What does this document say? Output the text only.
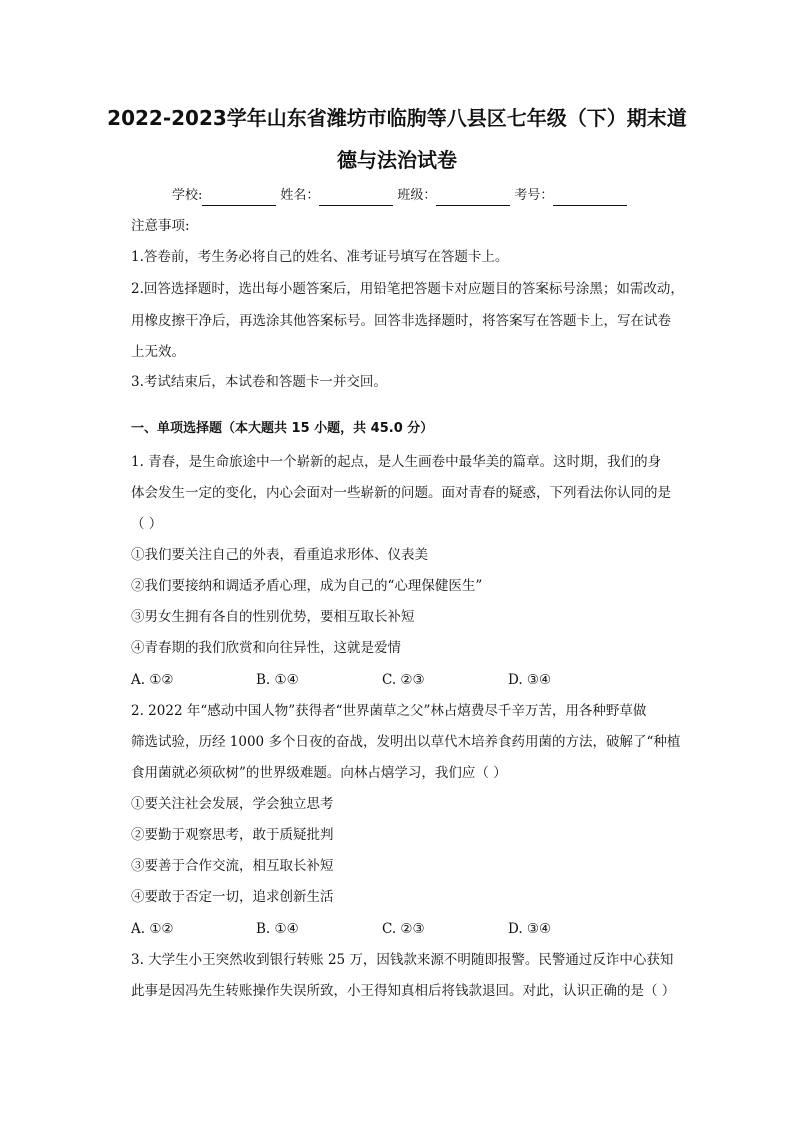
2022-2023学年山东省潍坊市临朐等八县区七年级（下）期末道
德与法治试卷
学校:	姓名：	班级：	考号：
注意事项:
1.答卷前，考生务必将自己的姓名、准考证号填写在答题卡上。
2.回答选择题时，选出每小题答案后，用铅笔把答题卡对应题目的答案标号涂黑；如需改动，
用橡皮擦干净后，再选涂其他答案标号。回答非选择题时，将答案写在答题卡上，写在试卷
上无效。
3.考试结束后，本试卷和答题卡一并交回。
一、单项选择题（本大题共 15 小题，共 45.0 分）
1. 青春，是生命旅途中一个崭新的起点，是人生画卷中最华美的篇章。这时期，我们的身
体会发生一定的变化，内心会面对一些崭新的问题。面对青春的疑惑，下列看法你认同的是
（ ）
①我们要关注自己的外表，看重追求形体、仪表美
②我们要接纳和调适矛盾心理，成为自己的“心理保健医生”
③男女生拥有各自的性别优势，要相互取长补短
④青春期的我们欣赏和向往异性，这就是爱情
A. ①②	B. ①④	C. ②③	D. ③④
2. 2022 年“感动中国人物”获得者“世界菌草之父”林占熺费尽千辛万苦，用各种野草做
筛选试验，历经 1000 多个日夜的奋战，发明出以草代木培养食药用菌的方法，破解了“种植
食用菌就必须砍树”的世界级难题。向林占熺学习，我们应（ ）
①要关注社会发展，学会独立思考
②要勤于观察思考，敢于质疑批判
③要善于合作交流，相互取长补短
④要敢于否定一切，追求创新生活
A. ①②	B. ①④	C. ②③	D. ③④
3. 大学生小王突然收到银行转账 25 万，因钱款来源不明随即报警。民警通过反诈中心获知
此事是因冯先生转账操作失误所致，小王得知真相后将钱款退回。对此，认识正确的是（ ）
